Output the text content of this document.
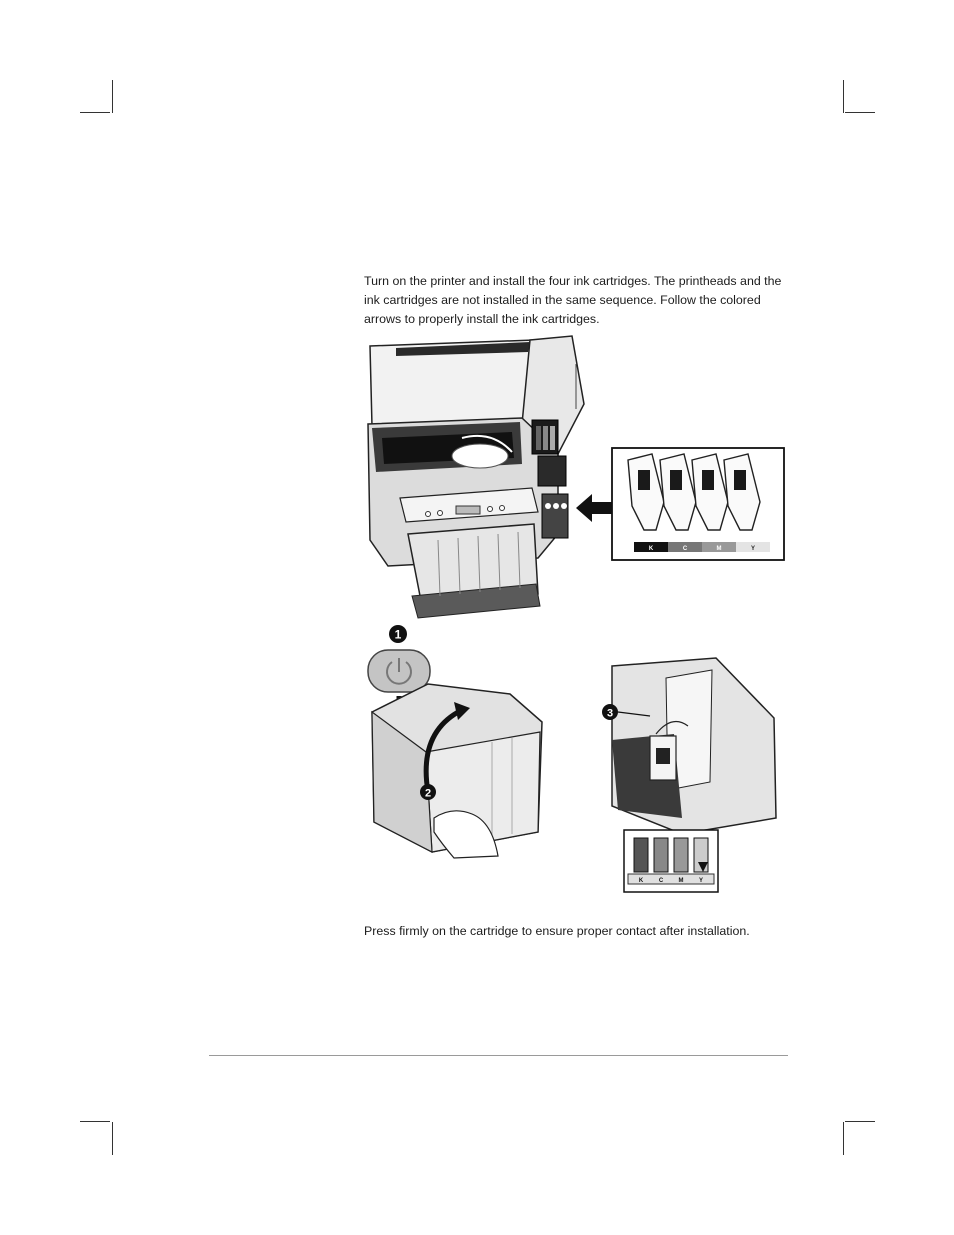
Turn on the printer and install the four ink cartridges. The printheads and the ink cartridges are not installed in the same sequence. Follow the colored arrows to properly install the ink cartridges.
K	C	M	Y
1
2
3
K	C	M	Y
Press firmly on the cartridge to ensure proper contact after installation.
